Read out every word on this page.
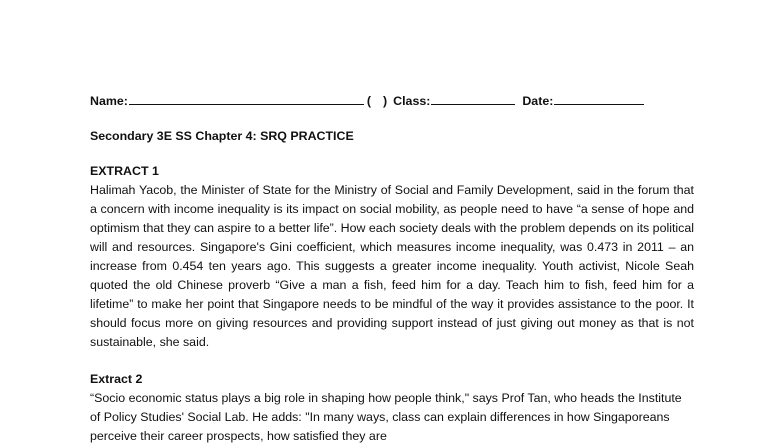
Name:	( ) Class:	Date:
Secondary 3E SS Chapter 4: SRQ PRACTICE
EXTRACT 1

Halimah Yacob, the Minister of State for the Ministry of Social and Family Development, said in the forum that a concern with income inequality is its impact on social mobility, as people need to have “a sense of hope and optimism that they can aspire to a better life”. How each society deals with the problem depends on its political will and resources. Singapore's Gini coefficient, which measures income inequality, was 0.473 in 2011 – an increase from 0.454 ten years ago. This suggests a greater income inequality. Youth activist, Nicole Seah quoted the old Chinese proverb “Give a man a fish, feed him for a day. Teach him to fish, feed him for a lifetime” to make her point that Singapore needs to be mindful of the way it provides assistance to the poor. It should focus more on giving resources and providing support instead of just giving out money as that is not sustainable, she said.

Extract 2

“Socio economic status plays a big role in shaping how people think," says Prof Tan, who heads the Institute of Policy Studies' Social Lab. He adds: "In many ways, class can explain differences in how Singaporeans perceive their career prospects, how satisfied they are
